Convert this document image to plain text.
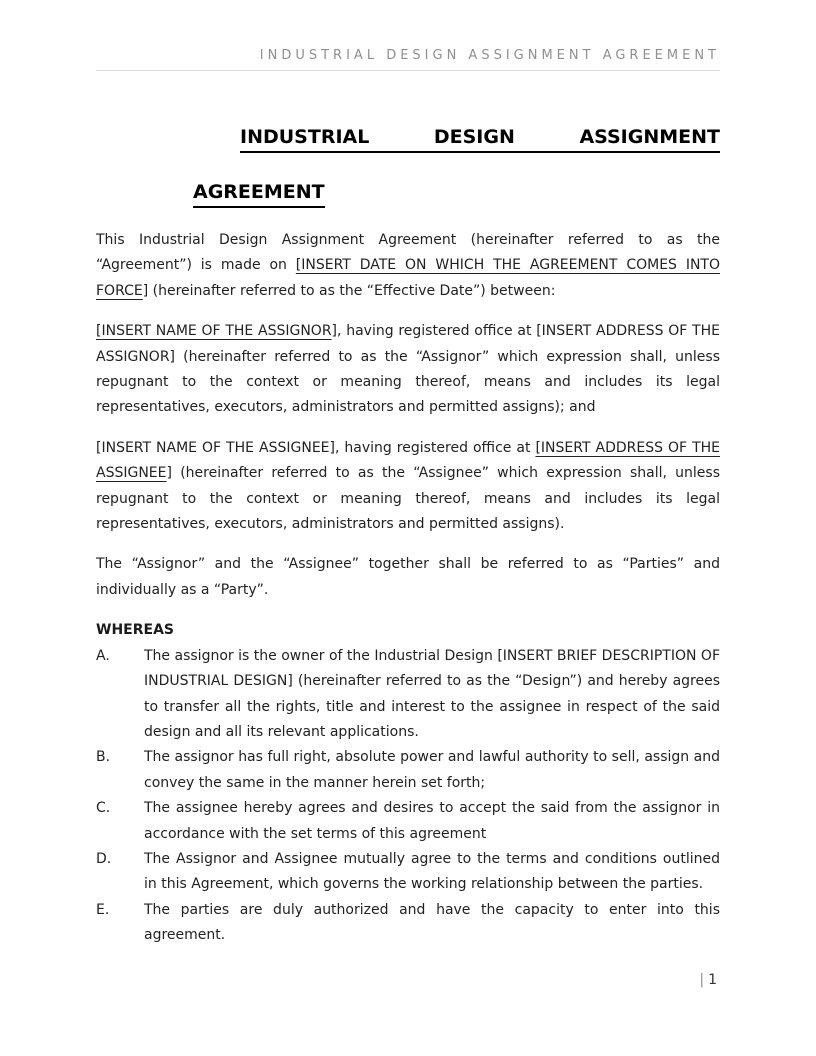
INDUSTRIAL DESIGN ASSIGNMENT AGREEMENT
INDUSTRIAL	DESIGN	ASSIGNMENT

AGREEMENT

This Industrial Design Assignment Agreement (hereinafter referred to as the “Agreement”) is made on [INSERT DATE ON WHICH THE AGREEMENT COMES INTO FORCE] (hereinafter referred to as the “Effective Date”) between:

[INSERT NAME OF THE ASSIGNOR], having registered office at [INSERT ADDRESS OF THE ASSIGNOR] (hereinafter referred to as the “Assignor” which expression shall, unless repugnant to the context or meaning thereof, means and includes its legal representatives, executors, administrators and permitted assigns); and

[INSERT NAME OF THE ASSIGNEE], having registered office at [INSERT ADDRESS OF THE ASSIGNEE] (hereinafter referred to as the “Assignee” which expression shall, unless repugnant to the context or meaning thereof, means and includes its legal representatives, executors, administrators and permitted assigns).

The “Assignor” and the “Assignee” together shall be referred to as “Parties” and individually as a “Party”.

WHEREAS
A.	The assignor is the owner of the Industrial Design [INSERT BRIEF DESCRIPTION OF INDUSTRIAL DESIGN] (hereinafter referred to as the “Design”) and hereby agrees to transfer all the rights, title and interest to the assignee in respect of the said design and all its relevant applications.
B.	The assignor has full right, absolute power and lawful authority to sell, assign and convey the same in the manner herein set forth;
C.	The assignee hereby agrees and desires to accept the said from the assignor in accordance with the set terms of this agreement
D.	The Assignor and Assignee mutually agree to the terms and conditions outlined in this Agreement, which governs the working relationship between the parties.
E.	The parties are duly authorized and have the capacity to enter into this agreement.
| 1
